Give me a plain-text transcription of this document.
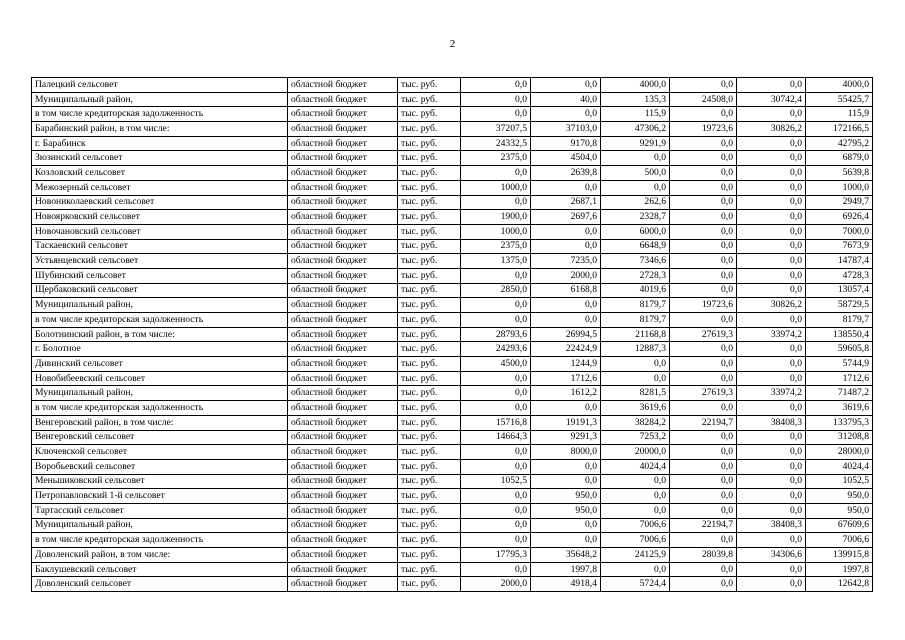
2
Палецкий сельсовет	областной бюджет	тыс. руб.	0,0	0,0	4000,0	0,0	0,0	4000,0
Муниципальный район,	областной бюджет	тыс. руб.	0,0	40,0	135,3	24508,0	30742,4	55425,7
в том числе кредиторская задолженность	областной бюджет	тыс. руб.	0,0	0,0	115,9	0,0	0,0	115,9
Барабинский район, в том числе:	областной бюджет	тыс. руб.	37207,5	37103,0	47306,2	19723,6	30826,2	172166,5
г. Барабинск	областной бюджет	тыс. руб.	24332,5	9170,8	9291,9	0,0	0,0	42795,2
Зюзинский сельсовет	областной бюджет	тыс. руб.	2375,0	4504,0	0,0	0,0	0,0	6879,0
Козловский сельсовет	областной бюджет	тыс. руб.	0,0	2639,8	500,0	0,0	0,0	5639,8
Межозерный сельсовет	областной бюджет	тыс. руб.	1000,0	0,0	0,0	0,0	0,0	1000,0
Новониколаевский сельсовет	областной бюджет	тыс. руб.	0,0	2687,1	262,6	0,0	0,0	2949,7
Новоярковский сельсовет	областной бюджет	тыс. руб.	1900,0	2697,6	2328,7	0,0	0,0	6926,4
Новочановский сельсовет	областной бюджет	тыс. руб.	1000,0	0,0	6000,0	0,0	0,0	7000,0
Таскаевский сельсовет	областной бюджет	тыс. руб.	2375,0	0,0	6648,9	0,0	0,0	7673,9
Устьянцевский сельсовет	областной бюджет	тыс. руб.	1375,0	7235,0	7346,6	0,0	0,0	14787,4
Шубинский сельсовет	областной бюджет	тыс. руб.	0,0	2000,0	2728,3	0,0	0,0	4728,3
Щербаковский сельсовет	областной бюджет	тыс. руб.	2850,0	6168,8	4019,6	0,0	0,0	13057,4
Муниципальный район,	областной бюджет	тыс. руб.	0,0	0,0	8179,7	19723,6	30826,2	58729,5
в том числе кредиторская задолженность	областной бюджет	тыс. руб.	0,0	0,0	8179,7	0,0	0,0	8179,7
Болотнинский район, в том числе:	областной бюджет	тыс. руб.	28793,6	26994,5	21168,8	27619,3	33974,2	138550,4
г. Болотное	областной бюджет	тыс. руб.	24293,6	22424,9	12887,3	0,0	0,0	59605,8
Дивинский сельсовет	областной бюджет	тыс. руб.	4500,0	1244,9	0,0	0,0	0,0	5744,9
Новобибеевский сельсовет	областной бюджет	тыс. руб.	0,0	1712,6	0,0	0,0	0,0	1712,6
Муниципальный район,	областной бюджет	тыс. руб.	0,0	1612,2	8281,5	27619,3	33974,2	71487,2
в том числе кредиторская задолженность	областной бюджет	тыс. руб.	0,0	0,0	3619,6	0,0	0,0	3619,6
Венгеровский район, в том числе:	областной бюджет	тыс. руб.	15716,8	19191,3	38284,2	22194,7	38408,3	133795,3
Венгеровский сельсовет	областной бюджет	тыс. руб.	14664,3	9291,3	7253,2	0,0	0,0	31208,8
Ключевской сельсовет	областной бюджет	тыс. руб.	0,0	8000,0	20000,0	0,0	0,0	28000,0
Воробьевский сельсовет	областной бюджет	тыс. руб.	0,0	0,0	4024,4	0,0	0,0	4024,4
Меньшиковский сельсовет	областной бюджет	тыс. руб.	1052,5	0,0	0,0	0,0	0,0	1052,5
Петропавловский 1-й сельсовет	областной бюджет	тыс. руб.	0,0	950,0	0,0	0,0	0,0	950,0
Тартасский сельсовет	областной бюджет	тыс. руб.	0,0	950,0	0,0	0,0	0,0	950,0
Муниципальный район,	областной бюджет	тыс. руб.	0,0	0,0	7006,6	22194,7	38408,3	67609,6
в том числе кредиторская задолженность	областной бюджет	тыс. руб.	0,0	0,0	7006,6	0,0	0,0	7006,6
Доволенский район, в том числе:	областной бюджет	тыс. руб.	17795,3	35648,2	24125,9	28039,8	34306,6	139915,8
Баклушевский сельсовет	областной бюджет	тыс. руб.	0,0	1997,8	0,0	0,0	0,0	1997,8
Доволенский сельсовет	областной бюджет	тыс. руб.	2000,0	4918,4	5724,4	0,0	0,0	12642,8
